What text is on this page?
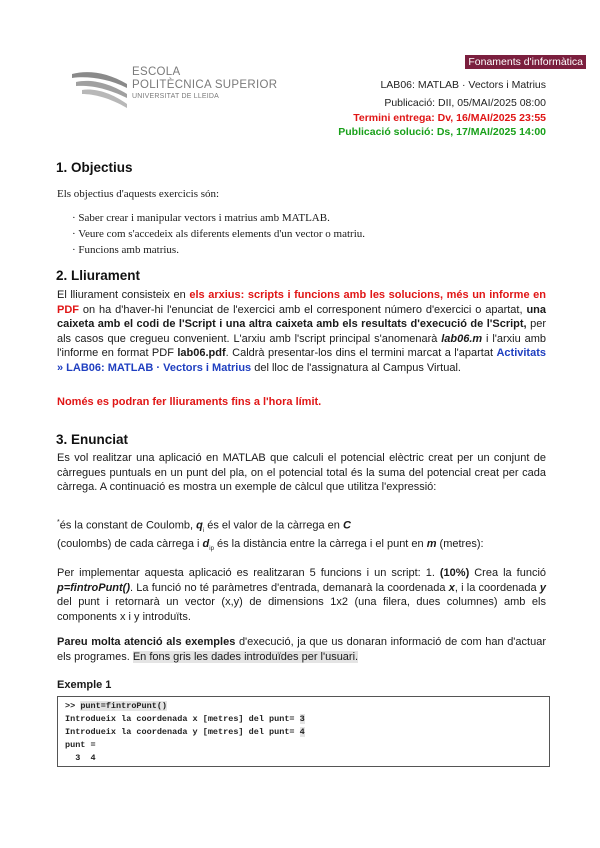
ESCOLA
POLITÈCNICA SUPERIOR
UNIVERSITAT DE LLEIDA
Fonaments d'informàtica
LAB06: MATLAB · Vectors i Matrius
Publicació: DII, 05/MAI/2025 08:00
Termini entrega: Dv, 16/MAI/2025 23:55
Publicació solució: Ds, 17/MAI/2025 14:00
1. Objectius
Els objectius d'aquests exercicis són:
· Saber crear i manipular vectors i matrius amb MATLAB.
· Veure com s'accedeix als diferents elements d'un vector o matriu.
· Funcions amb matrius.
2. Lliurament
El lliurament consisteix en els arxius: scripts i funcions amb les solucions, més un informe en PDF on ha d'haver-hi l'enunciat de l'exercici amb el corresponent número d'exercici o apartat, una caixeta amb el codi de l'Script i una altra caixeta amb els resultats d'execució de l'Script, per als casos que cregueu convenient. L'arxiu amb l'script principal s'anomenarà lab06.m i l'arxiu amb l'informe en format PDF lab06.pdf. Caldrà presentar-los dins el termini marcat a l'apartat Activitats » LAB06: MATLAB · Vectors i Matrius del lloc de l'assignatura al Campus Virtual.
Només es podran fer lliuraments fins a l'hora límit.
3. Enunciat
Es vol realitzar una aplicació en MATLAB que calculi el potencial elèctric creat per un conjunt de càrregues puntuals en un punt del pla, on el potencial total és la suma del potencial creat per cada càrrega. A continuació es mostra un exemple de càlcul que utilitza l'expressió:
*és la constant de Coulomb, $q_i$ és el valor de la càrrega en C
(coulombs) de cada càrrega i $d_{ip}$ és la distància entre la càrrega i el punt en m (metres):
Per implementar aquesta aplicació es realitzaran 5 funcions i un script: 1. (10%) Crea la funció p=fintroPunt(). La funció no té paràmetres d'entrada, demanarà la coordenada x, i la coordenada y del punt i retornarà un vector (x,y) de dimensions 1x2 (una filera, dues columnes) amb els components x i y introduïts.
Pareu molta atenció als exemples d'execució, ja que us donaran informació de com han d'actuar els programes. En fons gris les dades introduïdes per l'usuari.
Exemple 1
>> punt=fintroPunt()
Introdueix la coordenada x [metres] del punt= 3
Introdueix la coordenada y [metres] del punt= 4
punt =
3  4
